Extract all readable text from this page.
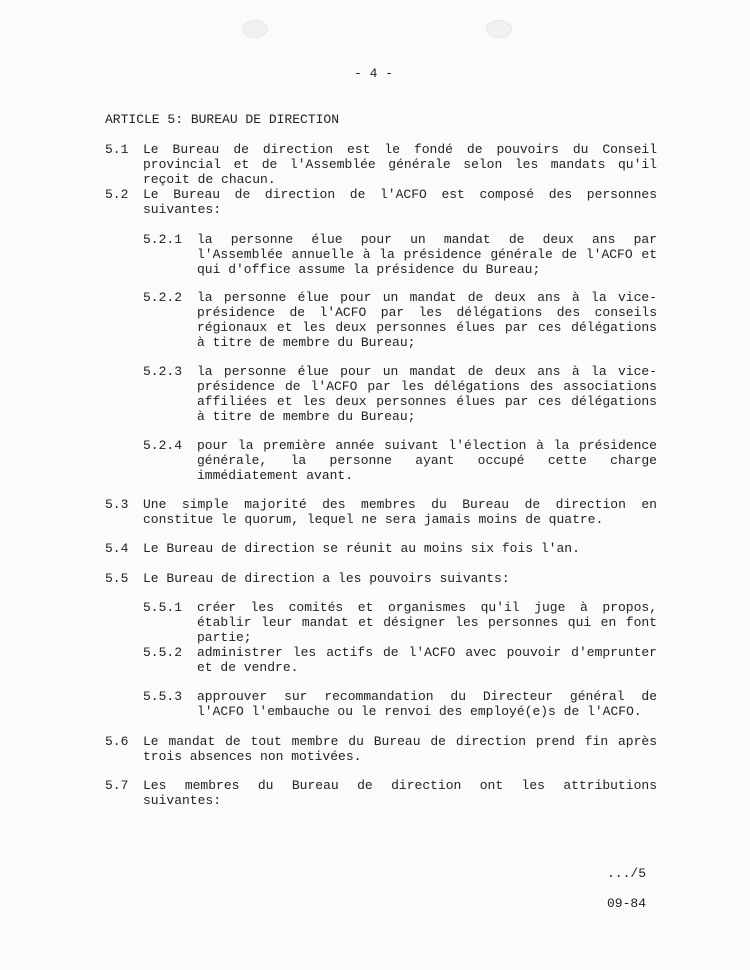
- 4 -
ARTICLE 5: BUREAU DE DIRECTION
5.1 Le Bureau de direction est le fondé de pouvoirs du Conseil provincial et de l'Assemblée générale selon les mandats qu'il reçoit de chacun.
5.2 Le Bureau de direction de l'ACFO est composé des personnes suivantes:
5.2.1 la personne élue pour un mandat de deux ans par l'Assemblée annuelle à la présidence générale de l'ACFO et qui d'office assume la présidence du Bureau;
5.2.2 la personne élue pour un mandat de deux ans à la vice-présidence de l'ACFO par les délégations des conseils régionaux et les deux personnes élues par ces délégations à titre de membre du Bureau;
5.2.3 la personne élue pour un mandat de deux ans à la vice-présidence de l'ACFO par les délégations des associations affiliées et les deux personnes élues par ces délégations à titre de membre du Bureau;
5.2.4 pour la première année suivant l'élection à la présidence générale, la personne ayant occupé cette charge immédiatement avant.
5.3 Une simple majorité des membres du Bureau de direction en constitue le quorum, lequel ne sera jamais moins de quatre.
5.4 Le Bureau de direction se réunit au moins six fois l'an.
5.5 Le Bureau de direction a les pouvoirs suivants:
5.5.1 créer les comités et organismes qu'il juge à propos, établir leur mandat et désigner les personnes qui en font partie;
5.5.2 administrer les actifs de l'ACFO avec pouvoir d'emprunter et de vendre.
5.5.3 approuver sur recommandation du Directeur général de l'ACFO l'embauche ou le renvoi des employé(e)s de l'ACFO.
5.6 Le mandat de tout membre du Bureau de direction prend fin après trois absences non motivées.
5.7 Les membres du Bureau de direction ont les attributions suivantes:
.../5
09-84
